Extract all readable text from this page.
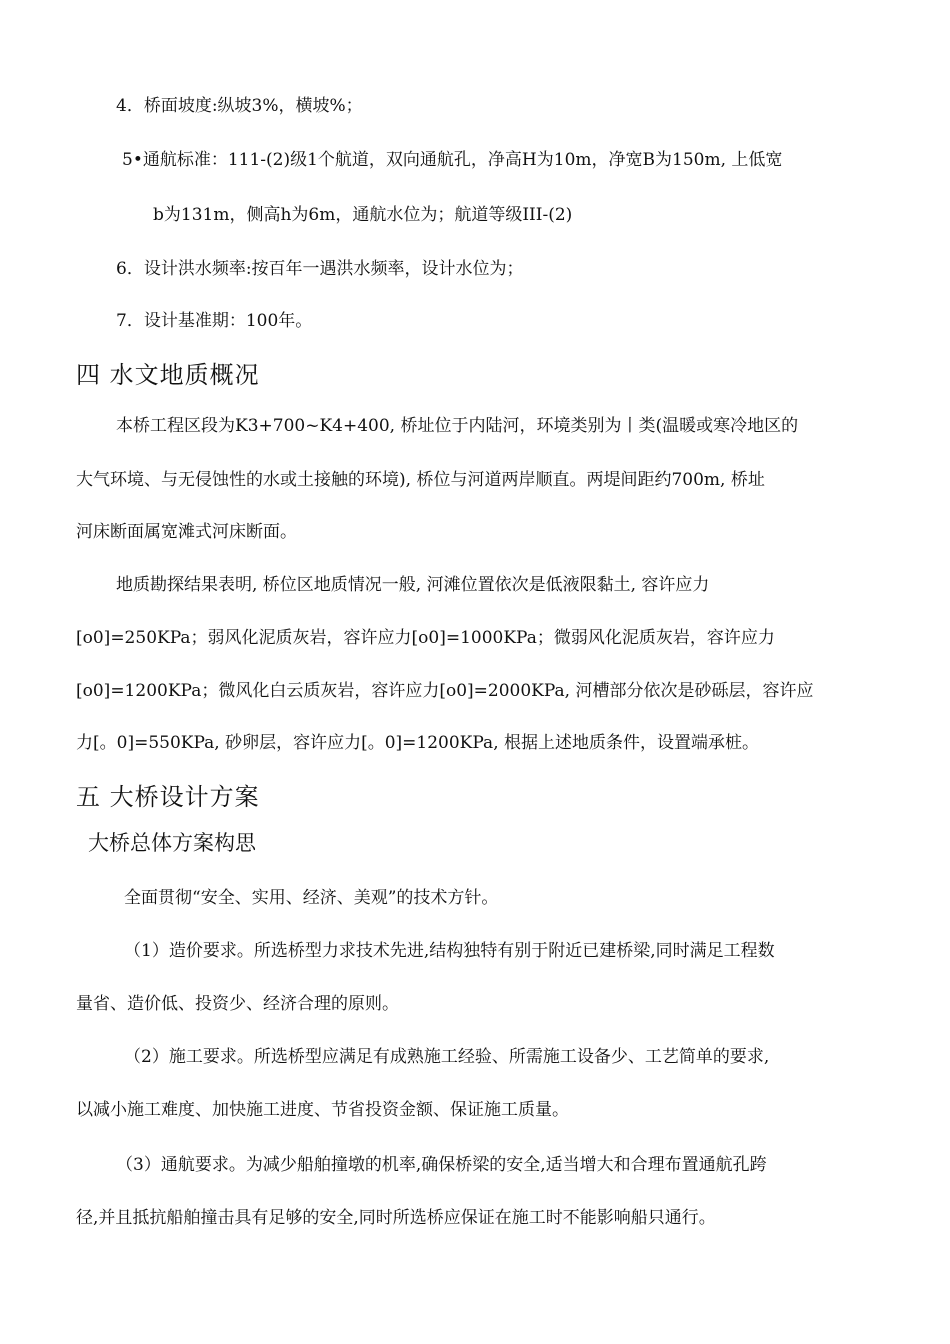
4．桥面坡度:纵坡3%，横坡%；
5•通航标准：111-(2)级1个航道，双向通航孔，净高H为10m，净宽B为150m, 上低宽
b为131m，侧高h为6m，通航水位为；航道等级III-(2)
6．设计洪水频率:按百年一遇洪水频率，设计水位为；
7．设计基准期：100年。
四 水文地质概况
本桥工程区段为K3+700~K4+400, 桥址位于内陆河，环境类别为丨类(温暖或寒冷地区的
大气环境、与无侵蚀性的水或土接触的环境), 桥位与河道两岸顺直。两堤间距约700m, 桥址
河床断面属宽滩式河床断面。
地质勘探结果表明, 桥位区地质情况一般, 河滩位置依次是低液限黏土, 容许应力
[o0]=250KPa；弱风化泥质灰岩，容许应力[o0]=1000KPa；微弱风化泥质灰岩，容许应力
[o0]=1200KPa；微风化白云质灰岩，容许应力[o0]=2000KPa, 河槽部分依次是砂砾层，容许应
力[。0]=550KPa, 砂卵层，容许应力[。0]=1200KPa, 根据上述地质条件，设置端承桩。
五 大桥设计方案
大桥总体方案构思
全面贯彻“安全、实用、经济、美观”的技术方针。
（1）造价要求。所选桥型力求技术先进,结构独特有别于附近已建桥梁,同时满足工程数
量省、造价低、投资少、经济合理的原则。
（2）施工要求。所选桥型应满足有成熟施工经验、所需施工设备少、工艺简单的要求,
以减小施工难度、加快施工进度、节省投资金额、保证施工质量。
（3）通航要求。为减少船舶撞墩的机率,确保桥梁的安全,适当增大和合理布置通航孔跨
径,并且抵抗船舶撞击具有足够的安全,同时所选桥应保证在施工时不能影响船只通行。
